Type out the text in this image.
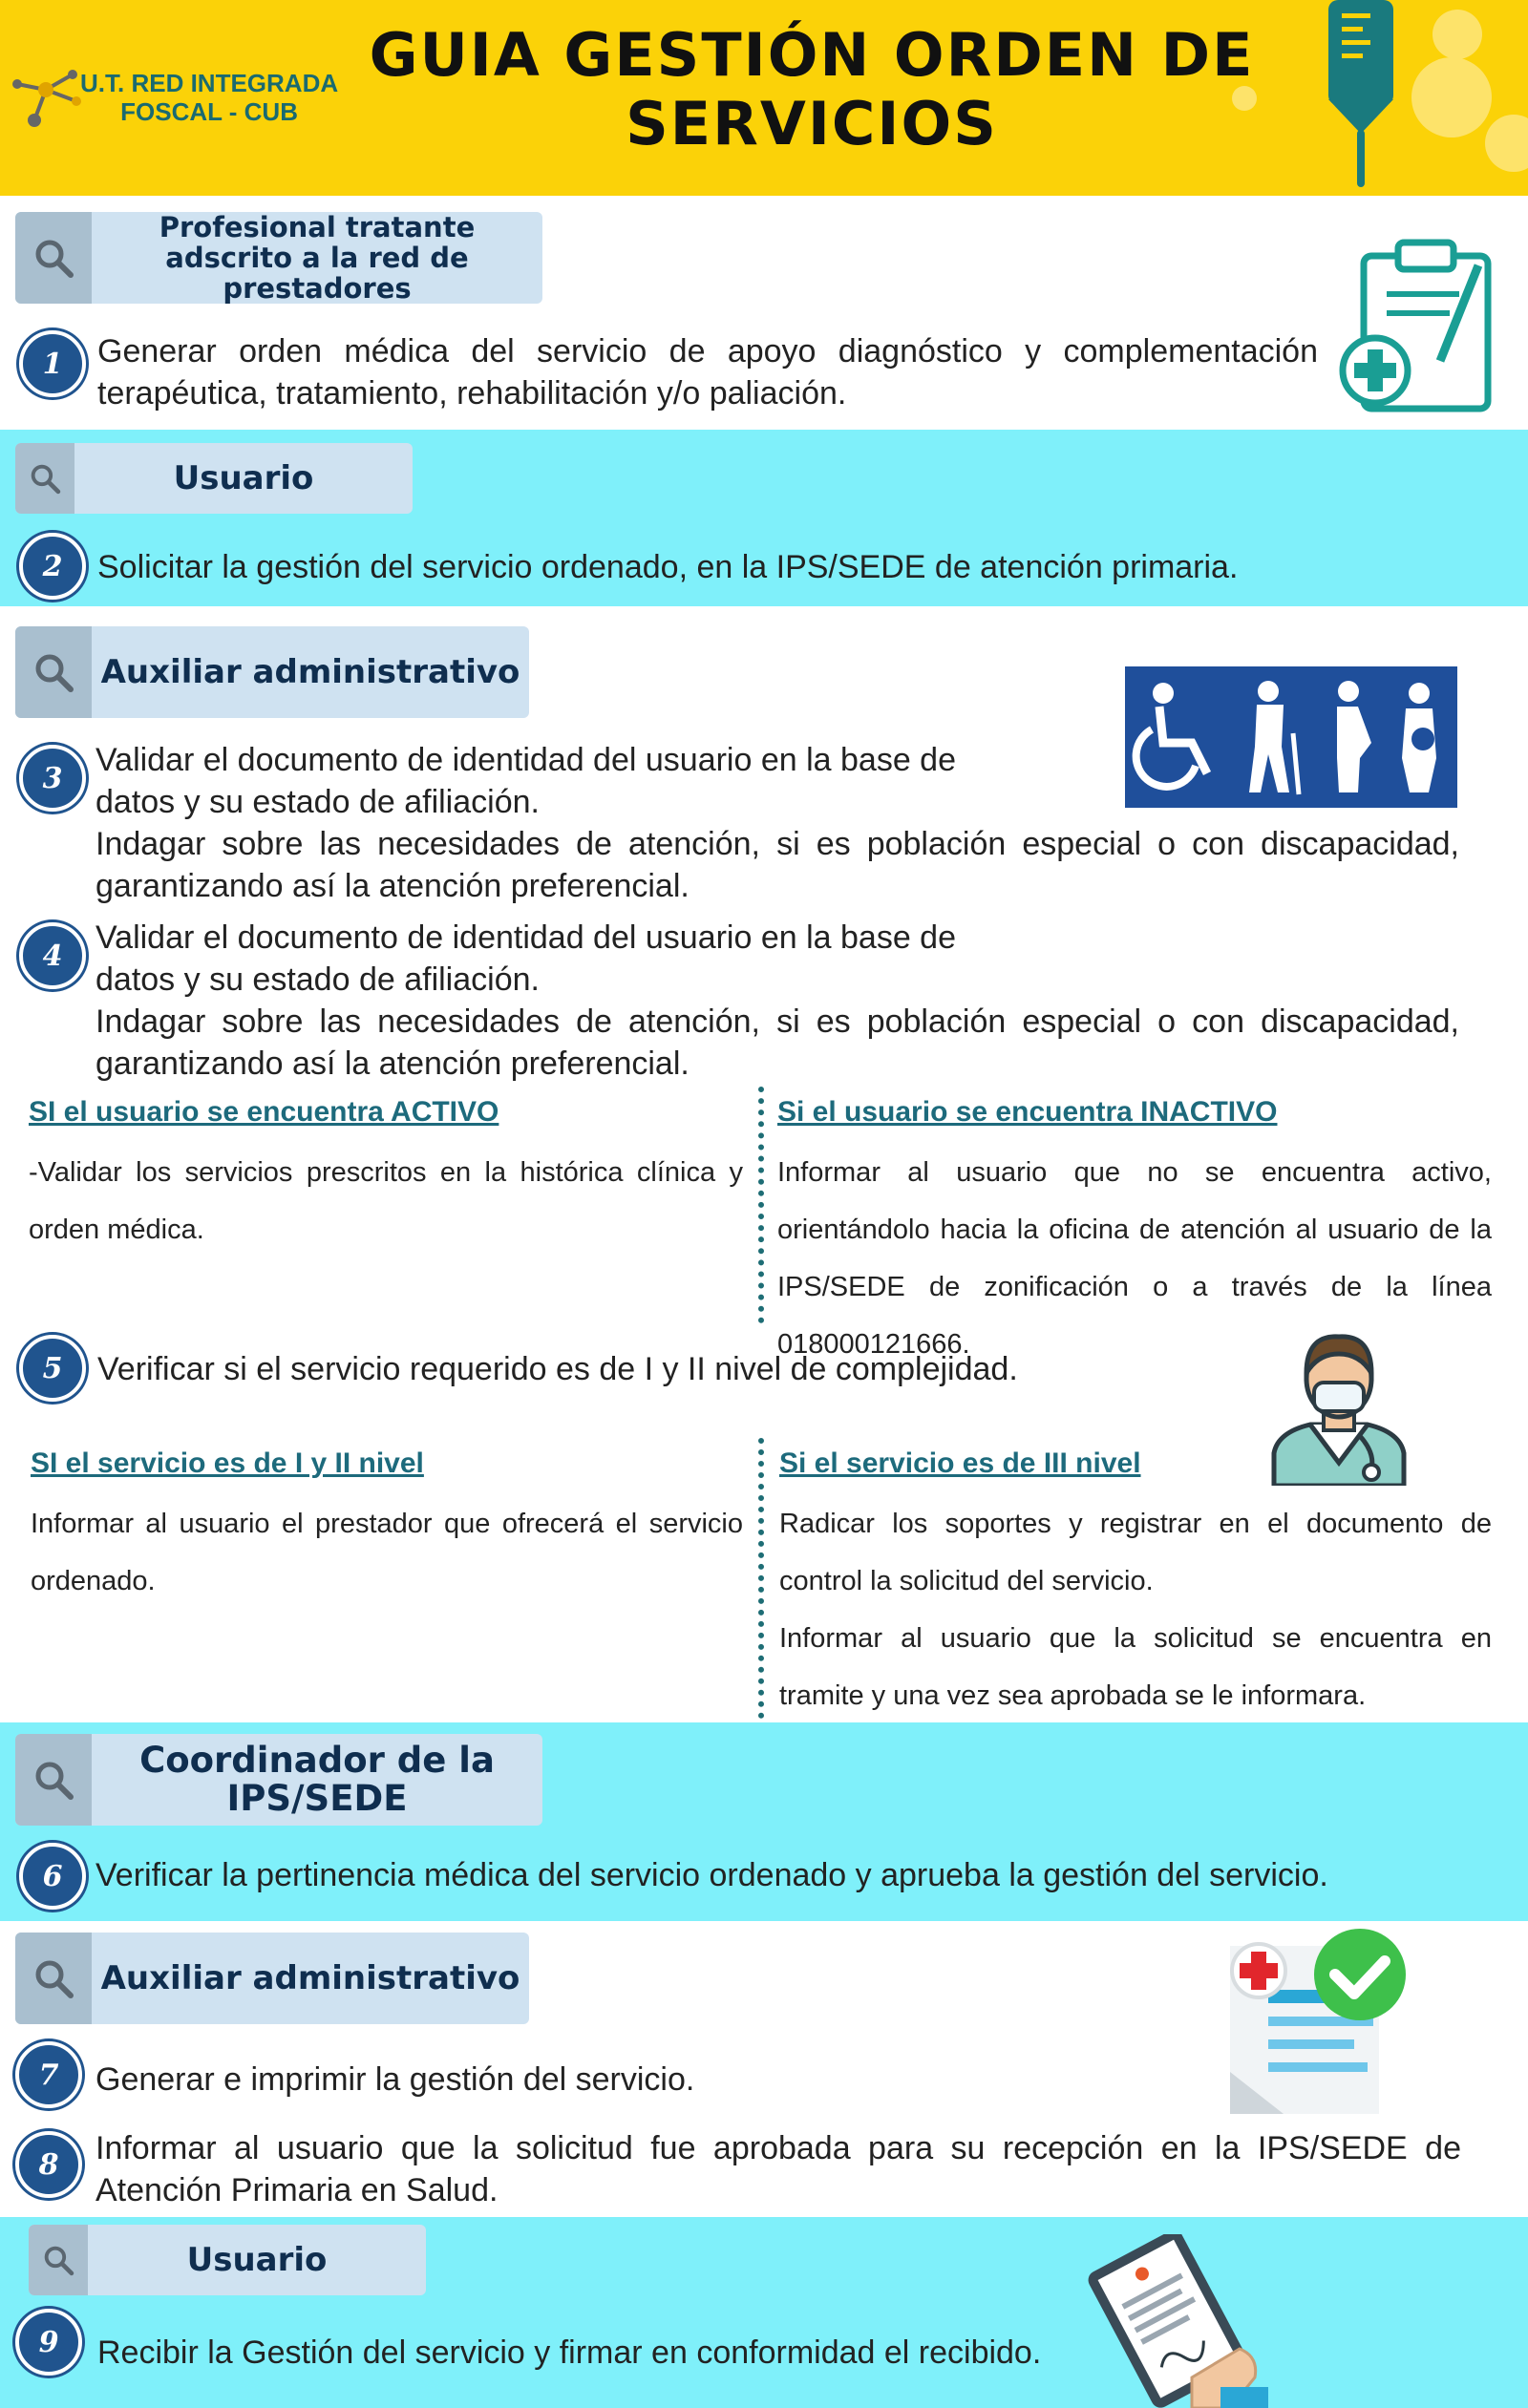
U.T. RED INTEGRADA
FOSCAL - CUB
GUIA GESTIÓN ORDEN DE SERVICIOS
Profesional tratante adscrito a la red de prestadores
1	Generar orden médica del servicio de apoyo diagnóstico y complementación terapéutica, tratamiento, rehabilitación y/o paliación.
Usuario
2	Solicitar la gestión del servicio ordenado, en la IPS/SEDE de atención primaria.
Auxiliar administrativo
3	Validar el documento de identidad del usuario en la base de
datos y su estado de afiliación.
Indagar sobre las necesidades de atención, si es población especial o con discapacidad, garantizando así la atención preferencial.
4	Validar el documento de identidad del usuario en la base de
datos y su estado de afiliación.
Indagar sobre las necesidades de atención, si es población especial o con discapacidad, garantizando así la atención preferencial.
SI el usuario se encuentra ACTIVO
-Validar los servicios prescritos en la histórica clínica y orden médica.
Si el usuario se encuentra INACTIVO
Informar al usuario que no se encuentra activo, orientándolo hacia la oficina de atención al usuario de la IPS/SEDE de zonificación o a través de la línea 018000121666.
5	Verificar si el servicio requerido es de I y II nivel de complejidad.
SI el servicio es de I y II nivel
Informar al usuario el prestador que ofrecerá el servicio ordenado.
Si el servicio es de III nivel
Radicar los soportes y registrar en el documento de control la solicitud del servicio.
Informar al usuario que la solicitud se encuentra en tramite y una vez sea aprobada se le informara.
Coordinador de la IPS/SEDE
6	Verificar la pertinencia médica del servicio ordenado y aprueba la gestión del servicio.
Auxiliar administrativo
7	Generar e imprimir la gestión del servicio.
8	Informar al usuario que la solicitud fue aprobada para su recepción en la IPS/SEDE de Atención Primaria en Salud.
Usuario
9	Recibir la Gestión del servicio y firmar en conformidad el recibido.
